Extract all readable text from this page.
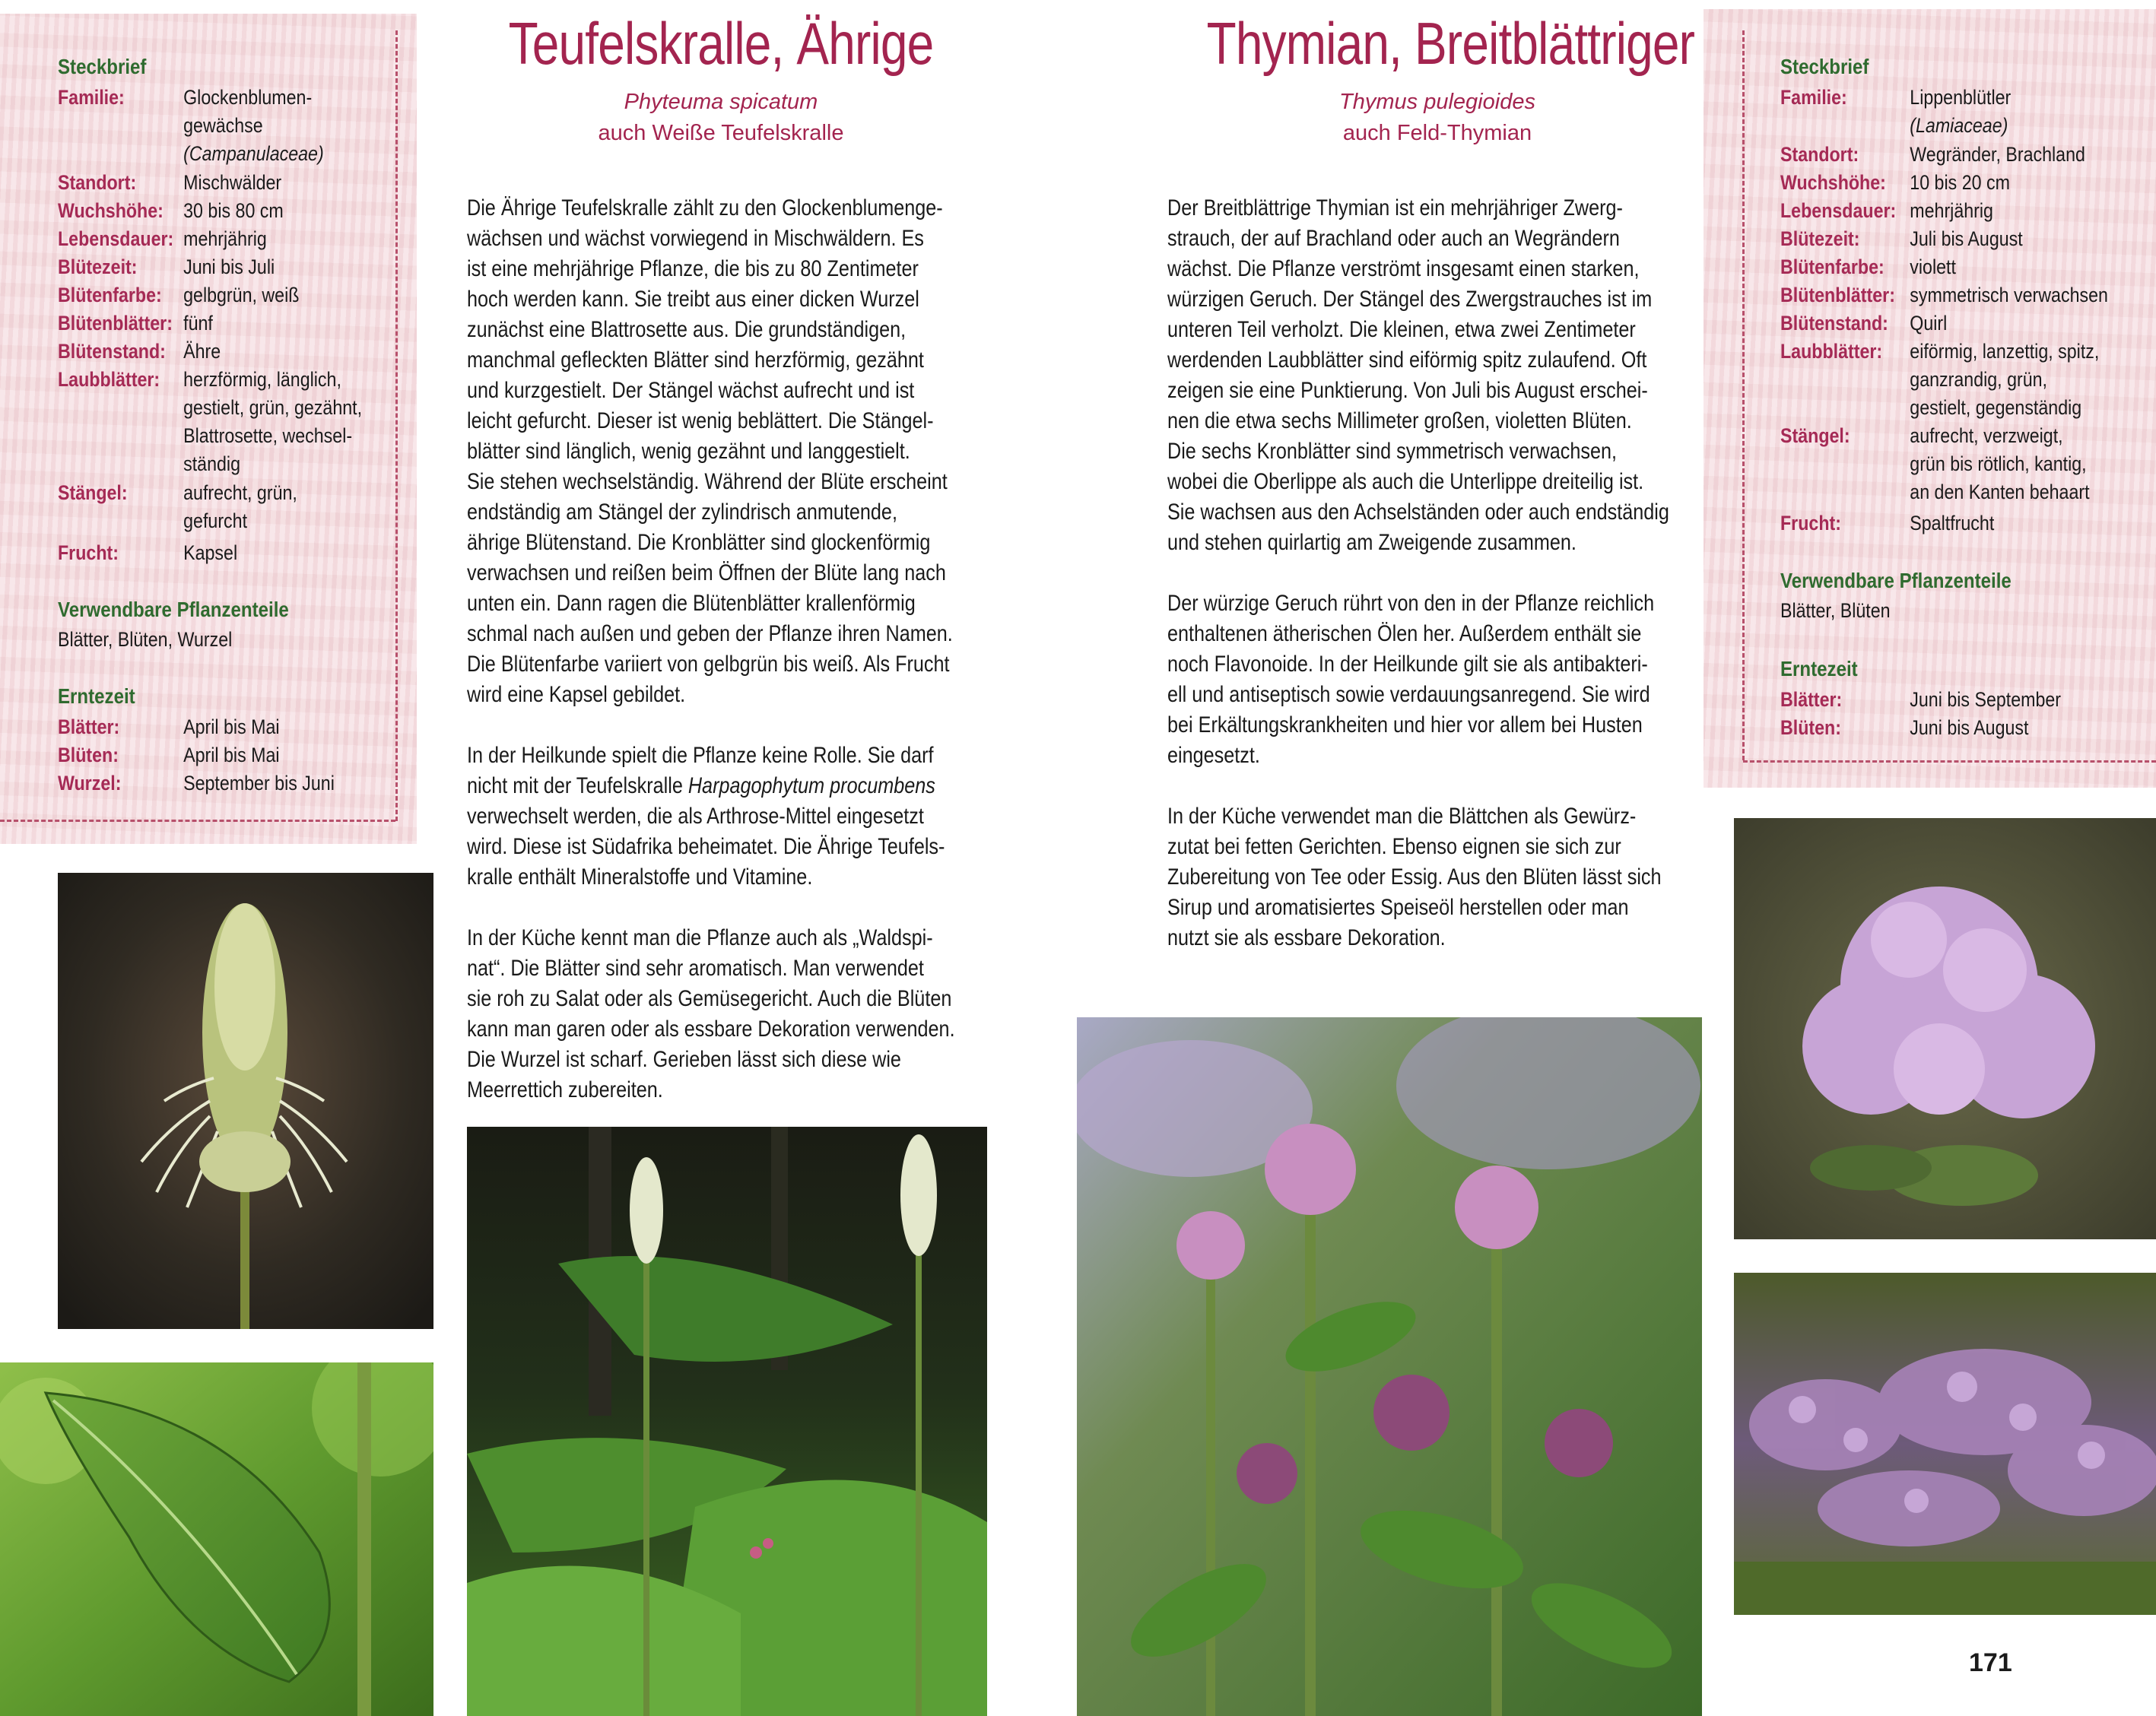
Steckbrief
Familie:	Glockenblumen-
gewächse
(Campanulaceae)
Standort: Mischwälder
Wuchshöhe: 30 bis 80 cm
Lebensdauer: mehrjährig
Blütezeit: Juni bis Juli
Blütenfarbe: gelbgrün, weiß
Blütenblätter: fünf
Blütenstand: Ähre
Laubblätter: herzförmig, länglich,
gestielt, grün, gezähnt,
Blattrosette, wechsel-
ständig
Stängel:	aufrecht, grün,
gefurcht
Frucht:	Kapsel
Verwendbare Pflanzenteile
Blätter, Blüten, Wurzel
Erntezeit
Blätter:	April bis Mai
Blüten:	April bis Mai
Wurzel:	September bis Juni
Teufelskralle, Ährige
Phyteuma spicatum
auch Weiße Teufelskralle
Die Ährige Teufelskralle zählt zu den Glockenblumenge-
wächsen und wächst vorwiegend in Mischwäldern. Es
ist eine mehrjährige Pflanze, die bis zu 80 Zentimeter
hoch werden kann. Sie treibt aus einer dicken Wurzel
zunächst eine Blattrosette aus. Die grundständigen,
manchmal gefleckten Blätter sind herzförmig, gezähnt
und kurzgestielt. Der Stängel wächst aufrecht und ist
leicht gefurcht. Dieser ist wenig beblättert. Die Stängel-
blätter sind länglich, wenig gezähnt und langgestielt.
Sie stehen wechselständig. Während der Blüte erscheint
endständig am Stängel der zylindrisch anmutende,
ährige Blütenstand. Die Kronblätter sind glockenförmig
verwachsen und reißen beim Öffnen der Blüte lang nach
unten ein. Dann ragen die Blütenblätter krallenförmig
schmal nach außen und geben der Pflanze ihren Namen.
Die Blütenfarbe variiert von gelbgrün bis weiß. Als Frucht
wird eine Kapsel gebildet.
In der Heilkunde spielt die Pflanze keine Rolle. Sie darf
nicht mit der Teufelskralle Harpagophytum procumbens
verwechselt werden, die als Arthrose-Mittel eingesetzt
wird. Diese ist Südafrika beheimatet. Die Ährige Teufels-
kralle enthält Mineralstoffe und Vitamine.
In der Küche kennt man die Pflanze auch als „Waldspi-
nat“. Die Blätter sind sehr aromatisch. Man verwendet
sie roh zu Salat oder als Gemüsegericht. Auch die Blüten
kann man garen oder als essbare Dekoration verwenden.
Die Wurzel ist scharf. Gerieben lässt sich diese wie
Meerrettich zubereiten.
Steckbrief
Familie:	Lippenblütler
(Lamiaceae)
Standort: Wegränder, Brachland
Wuchshöhe: 10 bis 20 cm
Lebensdauer: mehrjährig
Blütezeit: Juli bis August
Blütenfarbe: violett
Blütenblätter: symmetrisch verwachsen
Blütenstand: Quirl
Laubblätter: eiförmig, lanzettig, spitz,
ganzrandig, grün,
gestielt, gegenständig
Stängel:	aufrecht, verzweigt,
grün bis rötlich, kantig,
an den Kanten behaart
Frucht:	Spaltfrucht
Verwendbare Pflanzenteile
Blätter, Blüten
Erntezeit
Blätter:	Juni bis September
Blüten:	Juni bis August
Thymian, Breitblättriger
Thymus pulegioides
auch Feld-Thymian
Der Breitblättrige Thymian ist ein mehrjähriger Zwerg-
strauch, der auf Brachland oder auch an Wegrändern
wächst. Die Pflanze verströmt insgesamt einen starken,
würzigen Geruch. Der Stängel des Zwergstrauches ist im
unteren Teil verholzt. Die kleinen, etwa zwei Zentimeter
werdenden Laubblätter sind eiförmig spitz zulaufend. Oft
zeigen sie eine Punktierung. Von Juli bis August erschei-
nen die etwa sechs Millimeter großen, violetten Blüten.
Die sechs Kronblätter sind symmetrisch verwachsen,
wobei die Oberlippe als auch die Unterlippe dreiteilig ist.
Sie wachsen aus den Achselständen oder auch endständig
und stehen quirlartig am Zweigende zusammen.
Der würzige Geruch rührt von den in der Pflanze reichlich
enthaltenen ätherischen Ölen her. Außerdem enthält sie
noch Flavonoide. In der Heilkunde gilt sie als antibakteri-
ell und antiseptisch sowie verdauungsanregend. Sie wird
bei Erkältungskrankheiten und hier vor allem bei Husten
eingesetzt.
In der Küche verwendet man die Blättchen als Gewürz-
zutat bei fetten Gerichten. Ebenso eignen sie sich zur
Zubereitung von Tee oder Essig. Aus den Blüten lässt sich
Sirup und aromatisiertes Speiseöl herstellen oder man
nutzt sie als essbare Dekoration.
171
